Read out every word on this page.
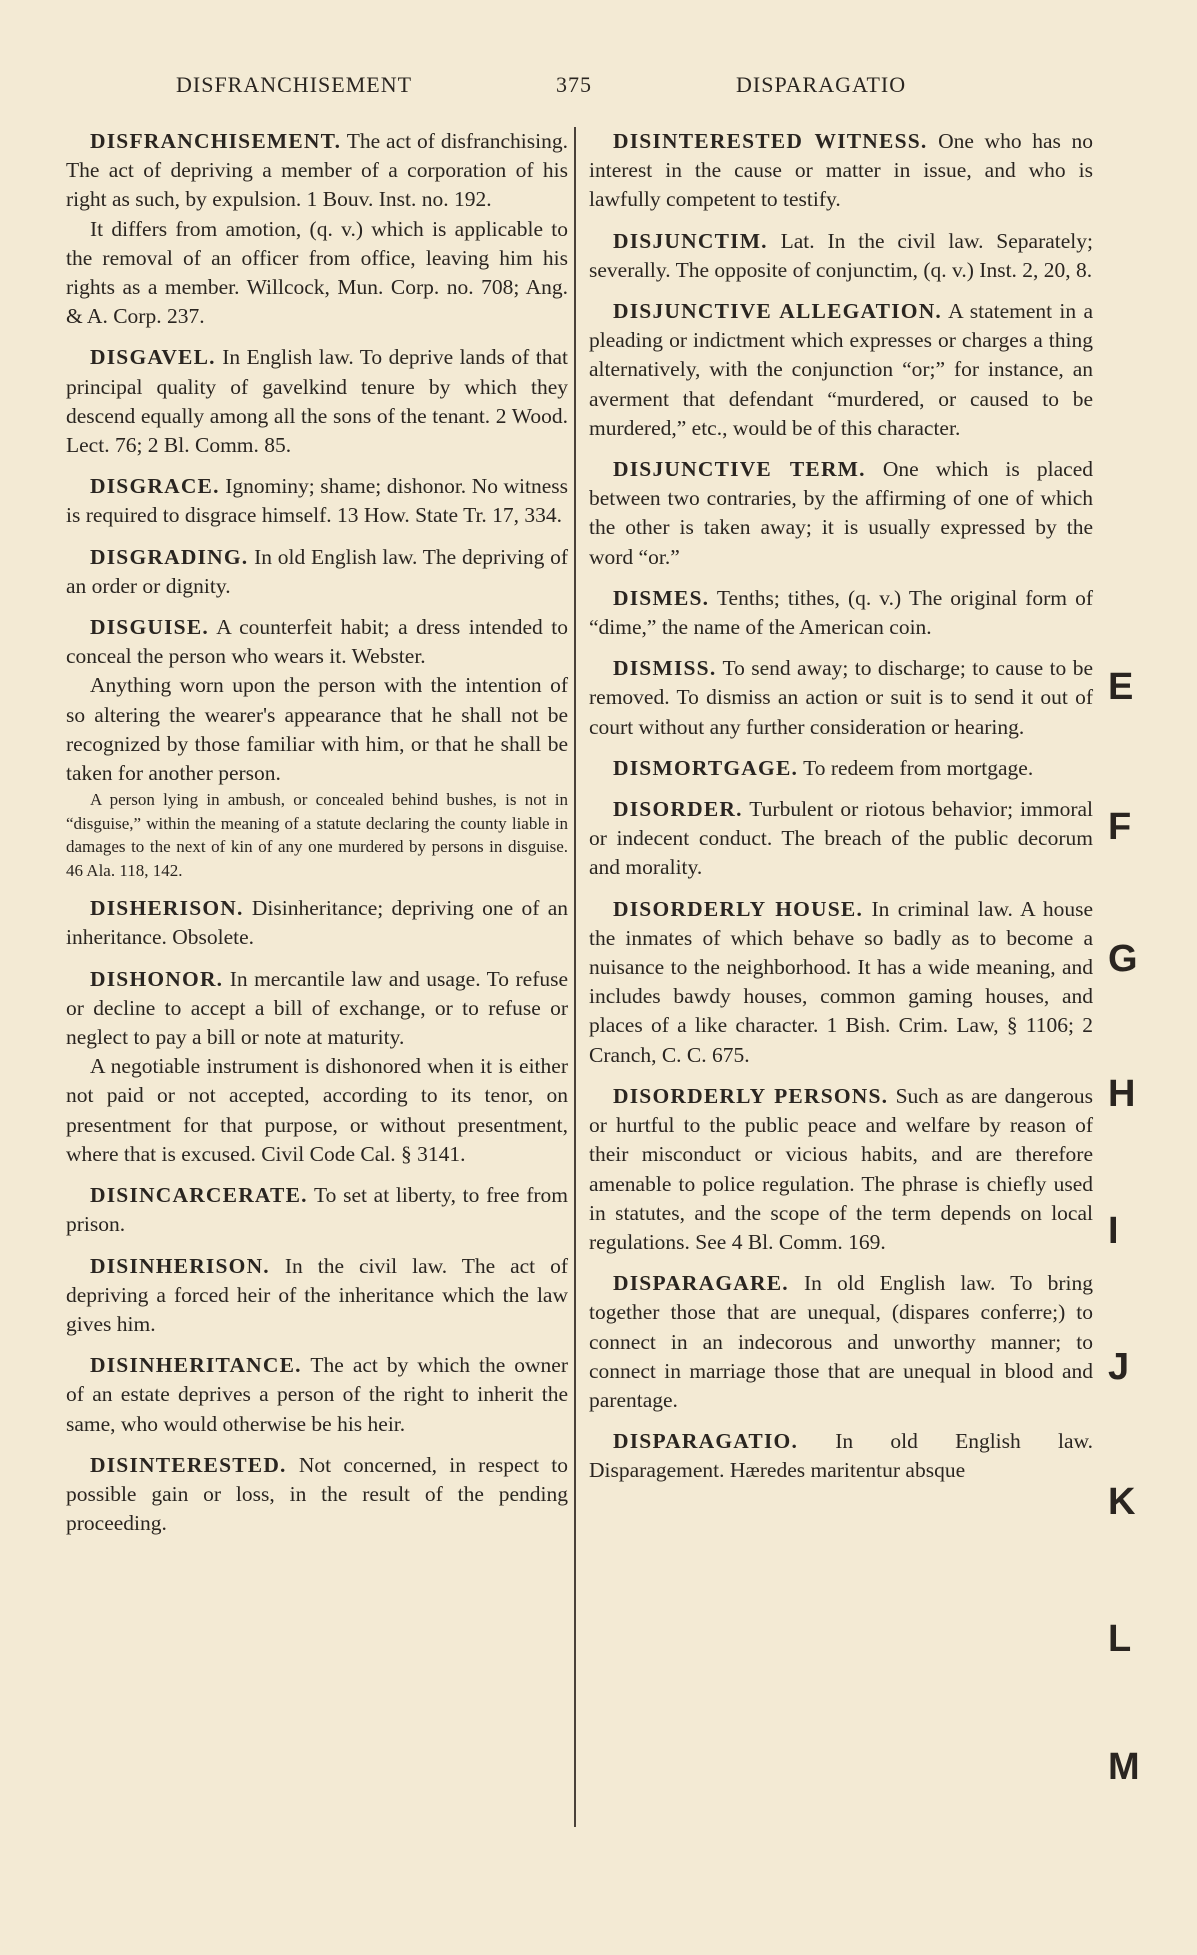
DISFRANCHISEMENT	375	DISPARAGATIO

DISFRANCHISEMENT. The act of disfranchising. The act of depriving a member of a corporation of his right as such, by expulsion. 1 Bouv. Inst. no. 192.

It differs from amotion, (q. v.) which is applicable to the removal of an officer from office, leaving him his rights as a member. Willcock, Mun. Corp. no. 708; Ang. & A. Corp. 237.

DISGAVEL. In English law. To deprive lands of that principal quality of gavelkind tenure by which they descend equally among all the sons of the tenant. 2 Wood. Lect. 76; 2 Bl. Comm. 85.

DISGRACE. Ignominy; shame; dishonor. No witness is required to disgrace himself. 13 How. State Tr. 17, 334.

DISGRADING. In old English law. The depriving of an order or dignity.

DISGUISE. A counterfeit habit; a dress intended to conceal the person who wears it. Webster.

Anything worn upon the person with the intention of so altering the wearer's appearance that he shall not be recognized by those familiar with him, or that he shall be taken for another person.

A person lying in ambush, or concealed behind bushes, is not in “disguise,” within the meaning of a statute declaring the county liable in damages to the next of kin of any one murdered by persons in disguise. 46 Ala. 118, 142.

DISHERISON. Disinheritance; depriving one of an inheritance. Obsolete.

DISHONOR. In mercantile law and usage. To refuse or decline to accept a bill of exchange, or to refuse or neglect to pay a bill or note at maturity.

A negotiable instrument is dishonored when it is either not paid or not accepted, according to its tenor, on presentment for that purpose, or without presentment, where that is excused. Civil Code Cal. § 3141.

DISINCARCERATE. To set at liberty, to free from prison.

DISINHERISON. In the civil law. The act of depriving a forced heir of the inheritance which the law gives him.

DISINHERITANCE. The act by which the owner of an estate deprives a person of the right to inherit the same, who would otherwise be his heir.

DISINTERESTED. Not concerned, in respect to possible gain or loss, in the result of the pending proceeding.

DISINTERESTED WITNESS. One who has no interest in the cause or matter in issue, and who is lawfully competent to testify.

DISJUNCTIM. Lat. In the civil law. Separately; severally. The opposite of conjunctim, (q. v.) Inst. 2, 20, 8.

DISJUNCTIVE ALLEGATION. A statement in a pleading or indictment which expresses or charges a thing alternatively, with the conjunction “or;” for instance, an averment that defendant “murdered, or caused to be murdered,” etc., would be of this character.

DISJUNCTIVE TERM. One which is placed between two contraries, by the affirming of one of which the other is taken away; it is usually expressed by the word “or.”

DISMES. Tenths; tithes, (q. v.) The original form of “dime,” the name of the American coin.

DISMISS. To send away; to discharge; to cause to be removed. To dismiss an action or suit is to send it out of court without any further consideration or hearing.

DISMORTGAGE. To redeem from mortgage.

DISORDER. Turbulent or riotous behavior; immoral or indecent conduct. The breach of the public decorum and morality.

DISORDERLY HOUSE. In criminal law. A house the inmates of which behave so badly as to become a nuisance to the neighborhood. It has a wide meaning, and includes bawdy houses, common gaming houses, and places of a like character. 1 Bish. Crim. Law, § 1106; 2 Cranch, C. C. 675.

DISORDERLY PERSONS. Such as are dangerous or hurtful to the public peace and welfare by reason of their misconduct or vicious habits, and are therefore amenable to police regulation. The phrase is chiefly used in statutes, and the scope of the term depends on local regulations. See 4 Bl. Comm. 169.

DISPARAGARE. In old English law. To bring together those that are unequal, (dispares conferre;) to connect in an indecorous and unworthy manner; to connect in marriage those that are unequal in blood and parentage.

DISPARAGATIO. In old English law. Disparagement. Hæredes maritentur absque

E
F
G
H
I
J
K
L
M
